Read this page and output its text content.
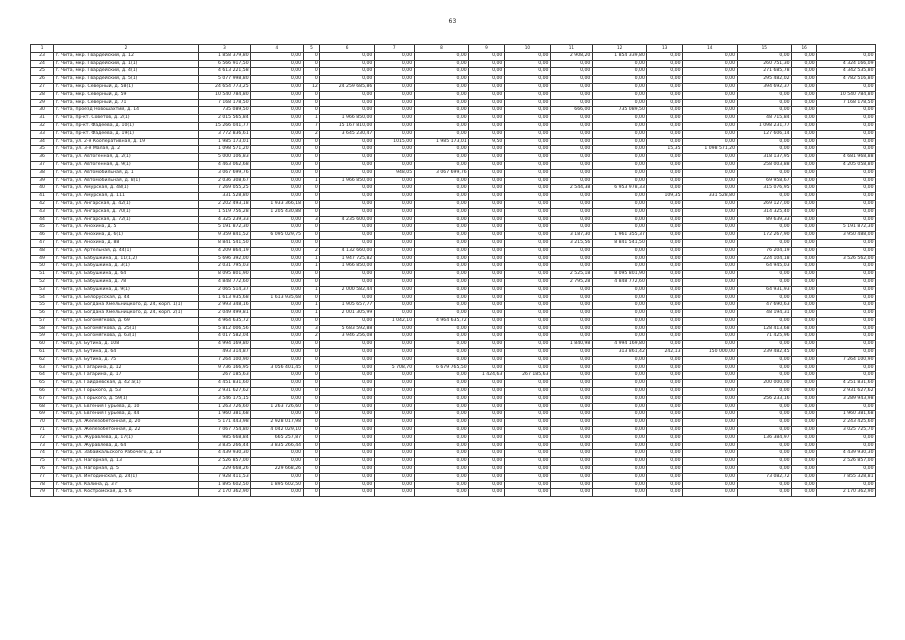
63
1	2	3	4	5	6	7	8	9	10	11	12	13	14	15	16	
23	г. Чита, мкр. Гвардейский, д. 12	1 858 379,80	0,00	0	0,00	0,00	0,00	0,00	0,00	2 908,20	1 854 339,80	0,00	0,00	0,00	0,00	0,00
24	г. Чита, мкр. Гвардейский, д. 1(1)	6 566 917,50	0,00	0	0,00	0,00	0,00	0,00	0,00	0,00	0,00	0,00	0,00	260 751,30	0,00	4 324 166,09
25	г. Чита, мкр. Гвардейский, д. 4(1)	4 613 221,58	0,00	0	0,00	0,00	0,00	0,00	0,00	0,00	0,00	0,00	0,00	271 685,78	0,00	4 342 535,80
26	г. Чита, мкр. Гвардейский, д. 5(1)	5 077 998,80	0,00	0	0,00	0,00	0,00	0,00	0,00	0,00	0,00	0,00	0,00	295 482,02	0,00	4 782 516,80
27	г. Чита, мкр. Северный, д. 58(1)	24 654 773,25	0,00	12	24 259 685,86	0,00	0,00	0,00	0,00	0,00	0,00	0,00	0,00	394 692,37	0,00	0,00
28	г. Чита, мкр. Северный, д. 59	10 540 784,80	0,00	0	0,00	0,00	0,00	0,00	0,00	0,00	0,00	0,00	0,00	0,00	0,00	10 540 784,80
29	г. Чита, мкр. Северный, д. 71	7 168 178,50	0,00	0	0,00	0,00	0,00	0,00	0,00	0,00	0,00	0,00	0,00	0,00	0,00	7 168 178,50
30	г. Чита, проезд Новошахтий, д. 14	735 089,50	0,00	0	0,00	0,00	0,00	0,00	0,00	666,00	735 089,50	0,00	0,00	0,00	0,00	0,00
31	г. Чита, пр-кт. Советов, д. 2(1)	2 015 565,84	0,00	1	1 966 850,00	0,00	0,00	0,00	0,00	0,00	0,00	0,00	0,00	48 715,84	0,00	0,00
32	г. Чита, пр-кт. Фадеева, д. 10(1)	15 266 041,77	0,00	7	15 167 810,00	0,00	0,00	0,00	0,00	0,00	0,00	0,00	0,00	1 098 231,77	0,00	0,00
33	г. Чита, пр-кт. Фадеева, д. 19(1)	3 772 836,61	0,00	2	3 645 230,47	0,00	0,00	0,00	0,00	0,00	0,00	0,00	0,00	127 606,14	0,00	0,00
34	г. Чита, ул. 2-я Кооперативная, д. 19	1 985 173,01	0,00	0	0,00	1015,00	1 985 173,01	9,50	0,00	0,00	0,00	0,00	0,00	0,00	0,00	0,00
35	г. Чита, ул. 3-я Малая, д. 2	1 098 571,20	0,00	0	0,00	0,00	0,00	0,00	0,00	0,00	0,00	15,35	1 098 571,20	0,00	0,00	0,00
36	г. Чита, ул. Автогенная, д. 2(1)	5 000 106,83	0,00	0	0,00	0,00	0,00	0,00	0,00	0,00	0,00	0,00	0,00	318 137,95	0,00	4 681 968,88
37	г. Чита, ул. Автогенная, д. 9(1)	4 463 062,68	0,00	0	0,00	0,00	0,00	0,00	0,00	0,00	0,00	0,00	0,00	258 003,88	0,00	4 205 058,80
38	г. Чита, ул. Автомобильная, д. 1	3 067 699,76	0,00	0	0,00	948,05	3 067 699,76	0,00	0,00	0,00	0,00	0,00	0,00	0,00	0,00	0,00
39	г. Чита, ул. Автомобильная, д. 8(1)	2 036 308,67	0,00	1	1 966 850,00	0,00	0,00	0,00	0,00	0,00	0,00	0,00	0,00	69 958,67	0,00	0,00
40	г. Чита, ул. Амурская, д. 48(1)	7 269 055,25	0,00	0	0,00	0,00	0,00	0,00	0,00	2 544,38	6 953 978,33	0,00	0,00	315 076,95	0,00	0,00
41	г. Чита, ул. Амурская, д. 111	331 528,80	0,00	0	0,00	0,00	0,00	0,00	0,00	0,00	0,00	109,35	331 528,80	0,00	0,00	0,00
42	г. Чита, ул. Ангарская, д. 42(1)	2 202 493,18	1 933 366,18	0	0,00	0,00	0,00	0,00	0,00	0,00	0,00	0,00	0,00	269 127,00	0,00	0,00
43	г. Чита, ул. Ангарская, д. 70(1)	1 519 756,28	1 205 430,88	0	0,00	0,00	0,00	0,00	0,00	0,00	0,00	0,00	0,00	314 325,40	0,00	0,00
44	г. Чита, ул. Ангарская, д. 72(1)	4 325 239,33	0,00	3	4 235 600,00	0,00	0,00	0,00	0,00	0,00	0,00	0,00	0,00	89 639,33	0,00	0,00
45	г. Чита, ул. Анохина, д. 5	5 191 872,30	0,00	0	0,00	0,00	0,00	0,00	0,00	0,00	0,00	0,00	0,00	0,00	0,00	5 191 872,30
46	г. Чита, ул. Анохина, д. 6(1)	9 359 841,52	6 095 029,75	0	0,00	0,00	0,00	0,00	0,00	3 187,30	1 961 355,37	0,00	0,00	172 267,90	0,00	3 950 488,00
47	г. Чита, ул. Анохина, д. 88	8 841 541,50	0,00	0	0,00	0,00	0,00	0,00	0,00	3 215,56	8 841 541,50	0,00	0,00	0,00	0,00	0,00
48	г. Чита, ул. Артельная, д. 44(1)	4 209 864,19	0,00	2	4 132 660,00	0,00	0,00	0,00	0,00	0,00	0,00	0,00	0,00	76 204,19	0,00	0,00
49	г. Чита, ул. Бабушкина, д. 11(1,2)	5 696 392,00	0,00	1	1 947 725,82	0,00	0,00	0,00	0,00	0,00	0,00	0,00	0,00	224 104,18	0,00	3 526 562,00
50	г. Чита, ул. Бабушкина, д. 3(1)	2 031 795,03	0,00	1	1 966 850,00	0,00	0,00	0,00	0,00	0,00	0,00	0,00	0,00	64 945,03	0,00	0,00
51	г. Чита, ул. Бабушкина, д. 64	8 095 801,90	0,00	0	0,00	0,00	0,00	0,00	0,00	2 525,18	8 095 801,90	0,00	0,00	0,00	0,00	0,00
52	г. Чита, ул. Бабушкина, д. 78	4 848 772,60	0,00	0	0,00	0,00	0,00	0,00	0,00	2 795,28	4 848 772,60	0,00	0,00	0,00	0,00	0,00
53	г. Чита, ул. Бабушкина, д. 9(1)	2 065 514,37	0,00	1	2 000 582,44	0,00	0,00	0,00	0,00	0,00	0,00	0,00	0,00	64 931,93	0,00	0,00
54	г. Чита, ул. Белорусская, д. 44	1 613 935,68	1 613 935,68	0	0,00	0,00	0,00	0,00	0,00	0,00	0,00	0,00	0,00	0,00	0,00	0,00
55	г. Чита, ул. Богдана Хмельницкого, д. 24, корп. 1(1)	2 993 348,16	0,00	1	1 905 657,77	0,00	0,00	0,00	0,00	0,00	0,00	0,00	0,00	47 690,63	0,00	0,00
56	г. Чита, ул. Богдана Хмельницкого, д. 24, корп. 2(1)	2 049 499,81	0,00	1	2 001 305,99	0,00	0,00	0,00	0,00	0,00	0,00	0,00	0,00	48 194,31	0,00	0,00
57	г. Чита, ул. Богомягкова, д. 69	4 964 635,72	0,00	0	0,00	1 042,10	4 964 635,72	0,00	0,00	0,00	0,00	0,00	0,00	0,00	0,00	0,00
58	г. Чита, ул. Богомягкова, д. 25(1)	5 812 006,56	0,00	3	5 683 592,88	0,00	0,00	0,00	0,00	0,00	0,00	0,00	0,00	128 413,68	0,00	0,00
59	г. Чита, ул. Богомягкова, д. 63(1)	4 017 582,04	0,00	2	3 946 256,08	0,00	0,00	0,00	0,00	0,00	0,00	0,00	0,00	71 425,96	0,00	0,00
60	г. Чита, ул. Бутина, д. 108	4 994 169,80	0,00	0	0,00	0,00	0,00	0,00	0,00	1 840,98	4 994 169,80	0,00	0,00	0,00	0,00	0,00
61	г. Чита, ул. Бутина, д. 64	493 314,87	0,00	0	0,00	0,00	0,00	0,00	0,00	0,00	313 861,42	242,13	150 000,00	239 482,45	0,00	0,00
62	г. Чита, ул. Бутина, д. 75	7 264 100,90	0,00	0	0,00	0,00	0,00	0,00	0,00	0,00	0,00	0,00	0,00	0,00	0,00	7 264 100,90
63	г. Чита, ул. Гагарина, д. 12	9 736 166,95	3 056 401,45	0	0,00	5 708,70	6 679 765,50	0,00	0,00	0,00	0,00	0,00	0,00	0,00	0,00	0,00
64	г. Чита, ул. Гагарина, д. 17	267 185,63	0,00	0	0,00	0,00	0,00	1 424,63	267 185,63	0,00	0,00	0,00	0,00	0,00	0,00	0,00
65	г. Чита, ул. Гайдаевская, д. 42 а(1)	4 451 831,60	0,00	0	0,00	0,00	0,00	0,00	0,00	0,00	0,00	0,00	0,00	200 000,00	0,00	4 251 831,60
66	г. Чита, ул. Горького, д. 53	2 931 627,62	0,00	0	0,00	0,00	0,00	0,00	0,00	0,00	0,00	0,00	0,00	0,00	0,00	2 931 627,62
67	г. Чита, ул. Горького, д. 59(1)	3 546 175,15	0,00	0	0,00	0,00	0,00	0,00	0,00	0,00	0,00	0,00	0,00	256 233,16	0,00	3 289 943,98
68	г. Чита, ул. Евгения Гурьева, д. 10	1 263 726,60	1 263 726,60	0	0,00	0,00	0,00	0,00	0,00	0,00	0,00	0,00	0,00	0,00	0,00	0,00
69	г. Чита, ул. Евгения Гурьева, д. 44	1 960 381,68	0,00	0	0,00	0,00	0,00	0,00	0,00	0,00	0,00	0,00	0,00	0,00	0,00	1 960 381,68
70	г. Чита, ул. Железобетонная, д. 20	5 171 443,98	2 928 017,98	0	0,00	0,00	0,00	0,00	0,00	0,00	0,00	0,00	0,00	0,00	0,00	2 243 425,60
71	г. Чита, ул. Железобетонная, д. 22	7 067 754,80	4 042 029,10	0	0,00	0,00	0,00	0,00	0,00	0,00	0,00	0,00	0,00	0,00	0,00	3 025 725,70
72	г. Чита, ул. Журавлева, д. 17(1)	985 668,84	665 257,87	0	0,00	0,00	0,00	0,00	0,00	0,00	0,00	0,00	0,00	136 384,97	0,00	0,00
73	г. Чита, ул. Журавлева, д. 64	3 835 266,44	3 835 266,44	0	0,00	0,00	0,00	0,00	0,00	0,00	0,00	0,00	0,00	0,00	0,00	0,00
74	г. Чита, ул. Забайкальского Рабочего, д. 13	4 439 930,30	0,00	0	0,00	0,00	0,00	0,00	0,00	0,00	0,00	0,00	0,00	0,00	0,00	4 439 930,30
75	г. Чита, ул. Нагорная, д. 13	2 526 857,00	0,00	0	0,00	0,00	0,00	0,00	0,00	0,00	0,00	0,00	0,00	0,00	0,00	2 526 857,00
76	г. Чита, ул. Нагорная, д. 5	229 668,26	229 668,26	0	0,00	0,00	0,00	0,00	0,00	0,00	0,00	0,00	0,00	0,00	0,00	0,00
77	г. Чита, ул. Ингодинская, д. 24(1)	7 928 411,53	0,00	0	0,00	0,00	0,00	0,00	0,00	0,00	0,00	0,00	0,00	73 082,72	0,00	7 855 328,81
78	г. Чита, ул. Калина, д. 3 г	1 895 602,50	1 895 602,50	0	0,00	0,00	0,00	0,00	0,00	0,00	0,00	0,00	0,00	0,00	0,00	0,00
79	г. Чита, ул. Костромская, д. 5 б	2 170 362,90	0,00	0	0,00	0,00	0,00	0,00	0,00	0,00	0,00	0,00	0,00	0,00	0,00	2 170 362,90
